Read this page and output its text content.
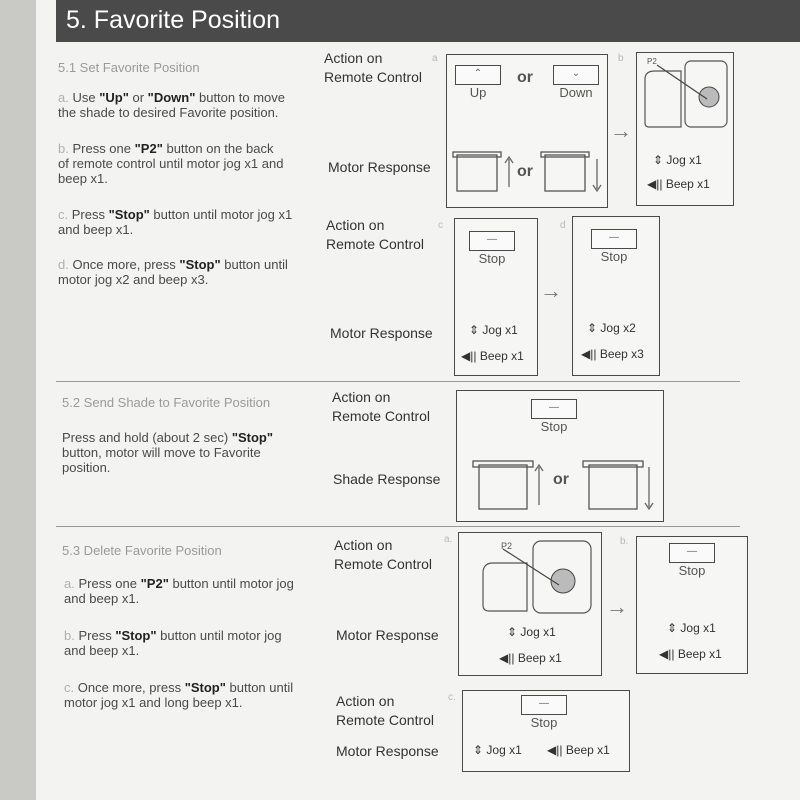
5. Favorite Position
5.1 Set Favorite Position
a. Use "Up" or "Down" button to move
the shade to desired Favorite position.
b. Press one "P2" button on the back
of remote control until motor jog x1 and
beep x1.
c. Press "Stop" button until motor jog x1
and beep x1.
d. Once more, press "Stop" button until
motor jog x2 and beep x3.
Action on
Remote Control
Motor Response
a
⌃
Up
or	⌄
Down
or
→
b	P2
⇕ Jog x1
◀|| Beep x1
Action on
Remote Control
Motor Response
c
—
Stop
⇕ Jog x1
◀|| Beep x1
→
d
—
Stop
⇕ Jog x2
◀|| Beep x3
5.2 Send Shade to Favorite Position
Press and hold (about 2 sec) "Stop"
button, motor will move to Favorite
position.
Action on
Remote Control
Shade Response
—
Stop
or
5.3 Delete Favorite Position
a. Press one "P2" button until motor jog
and beep x1.
b. Press "Stop" button until motor jog
and beep x1.
c. Once more, press "Stop" button until
motor jog x1 and long beep x1.
Action on
Remote Control
Motor Response
a.
P2
⇕ Jog x1
◀|| Beep x1
→
b.
—
Stop
⇕ Jog x1
◀|| Beep x1
Action on
Remote Control
Motor Response
c.
—
Stop
⇕ Jog x1 ◀|| Beep x1
